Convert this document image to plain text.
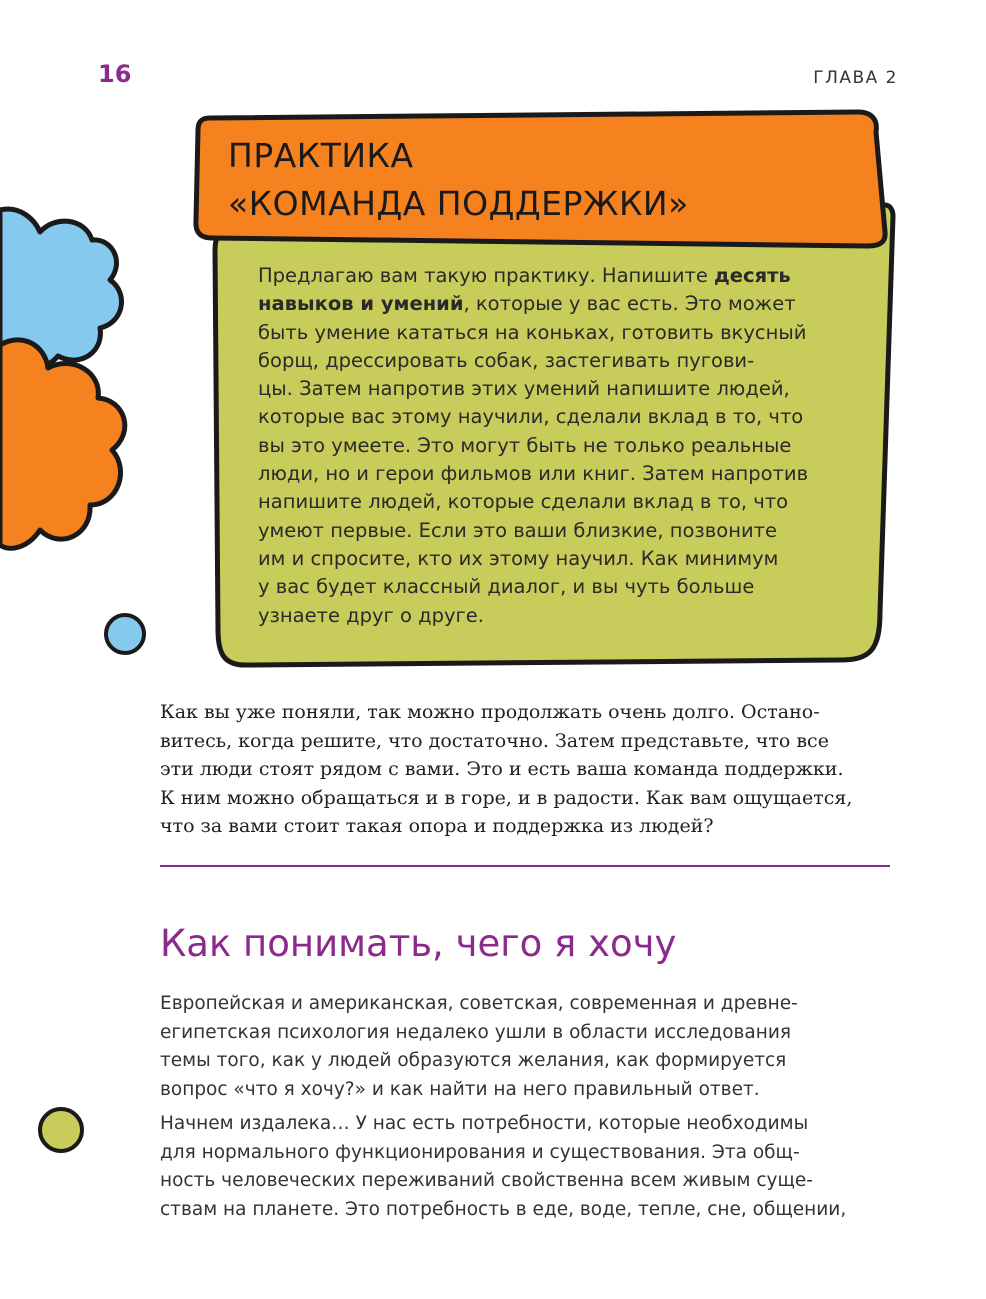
16	ГЛАВА 2
ПРАКТИКА
«КОМАНДА ПОДДЕРЖКИ»
Предлагаю вам такую практику. Напишите десять
навыков и умений, которые у вас есть. Это может
быть умение кататься на коньках, готовить вкусный
борщ, дрессировать собак, застегивать пугови-
цы. Затем напротив этих умений напишите людей,
которые вас этому научили, сделали вклад в то, что
вы это умеете. Это могут быть не только реальные
люди, но и герои фильмов или книг. Затем напротив
напишите людей, которые сделали вклад в то, что
умеют первые. Если это ваши близкие, позвоните
им и спросите, кто их этому научил. Как минимум
у вас будет классный диалог, и вы чуть больше
узнаете друг о друге.
Как вы уже поняли, так можно продолжать очень долго. Остано-
витесь, когда решите, что достаточно. Затем представьте, что все
эти люди стоят рядом с вами. Это и есть ваша команда поддержки.
К ним можно обращаться и в горе, и в радости. Как вам ощущается,
что за вами стоит такая опора и поддержка из людей?
Как понимать, чего я хочу
Европейская и американская, советская, современная и древне-
египетская психология недалеко ушли в области исследования
темы того, как у людей образуются желания, как формируется
вопрос «что я хочу?» и как найти на него правильный ответ.
Начнем издалека… У нас есть потребности, которые необходимы
для нормального функционирования и существования. Эта общ-
ность человеческих переживаний свойственна всем живым суще-
ствам на планете. Это потребность в еде, воде, тепле, сне, общении,
